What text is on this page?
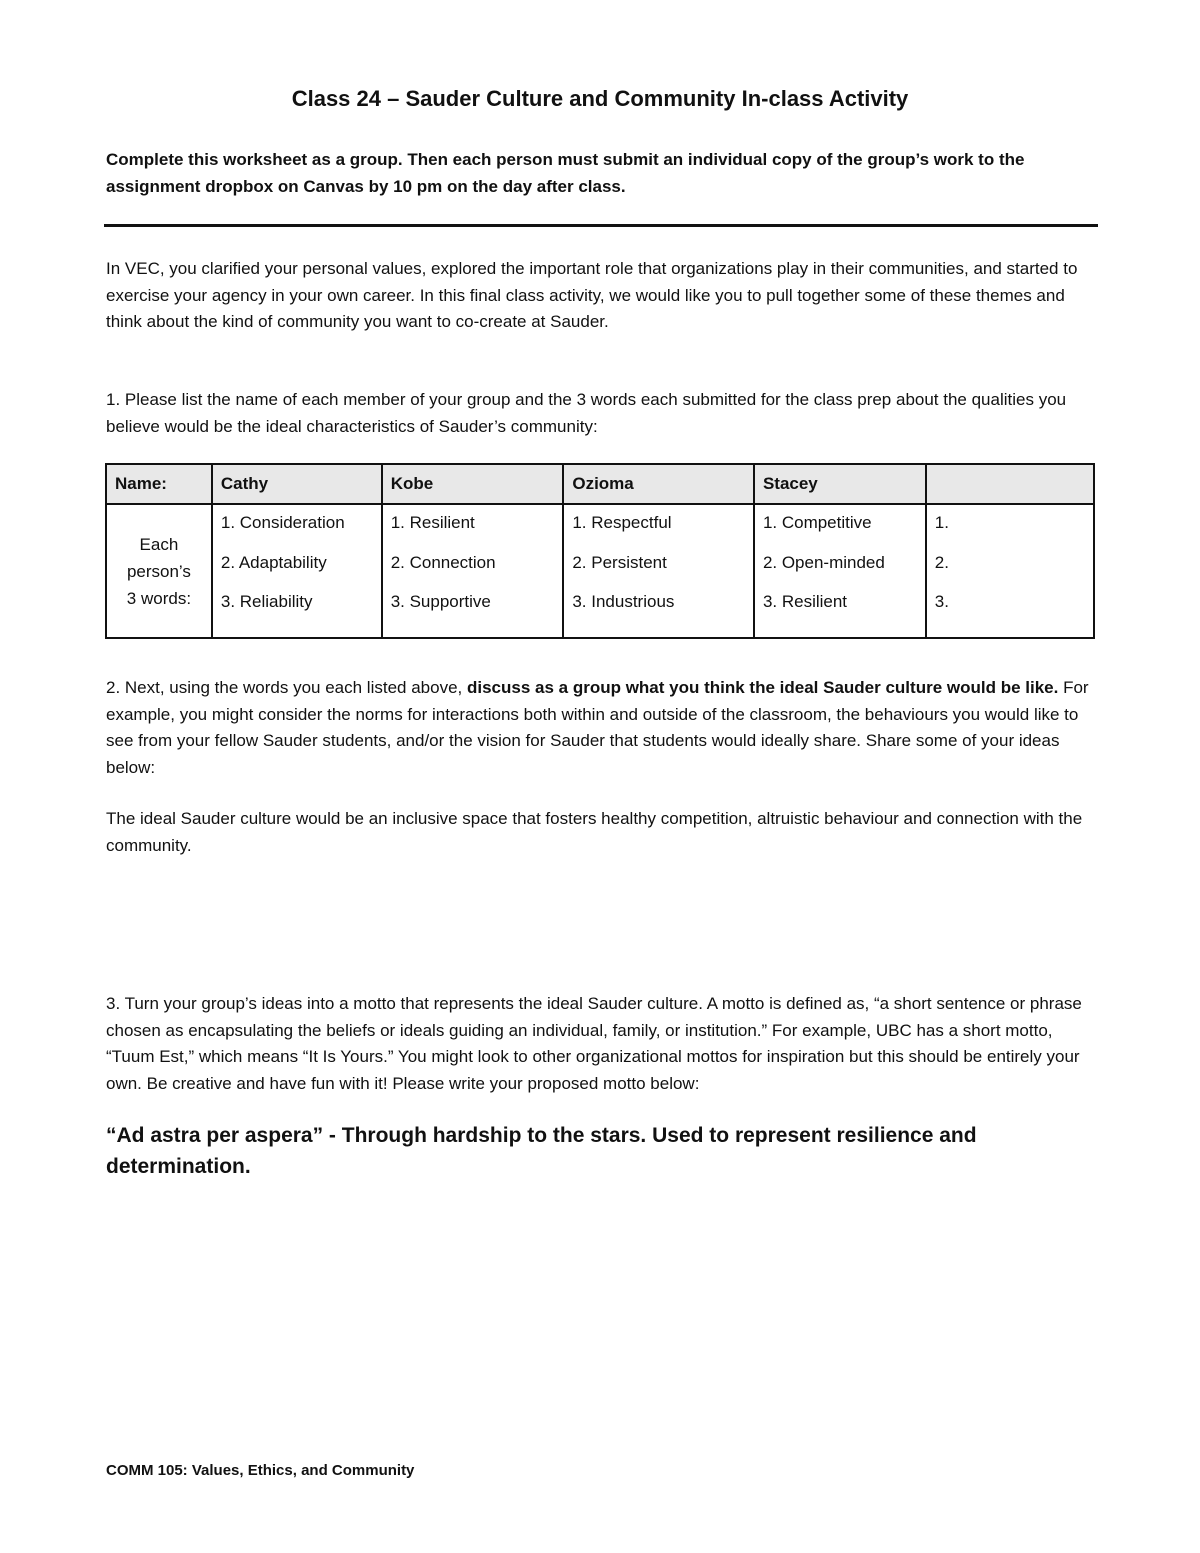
Class 24 – Sauder Culture and Community In-class Activity

Complete this worksheet as a group. Then each person must submit an individual copy of the group’s work to the assignment dropbox on Canvas by 10 pm on the day after class.

In VEC, you clarified your personal values, explored the important role that organizations play in their communities, and started to exercise your agency in your own career. In this final class activity, we would like you to pull together some of these themes and think about the kind of community you want to co-create at Sauder.

1. Please list the name of each member of your group and the 3 words each submitted for the class prep about the qualities you believe would be the ideal characteristics of Sauder’s community:

Name:	Cathy	Kobe	Ozioma	Stacey	
Each
person’s
3 words:	1. Consideration
2. Adaptability
3. Reliability	1. Resilient
2. Connection
3. Supportive	1. Respectful
2. Persistent
3. Industrious	1. Competitive
2. Open-minded
3. Resilient	1.
2.
3.

2. Next, using the words you each listed above, discuss as a group what you think the ideal Sauder culture would be like. For example, you might consider the norms for interactions both within and outside of the classroom, the behaviours you would like to see from your fellow Sauder students, and/or the vision for Sauder that students would ideally share. Share some of your ideas below:

The ideal Sauder culture would be an inclusive space that fosters healthy competition, altruistic behaviour and connection with the community.

3. Turn your group’s ideas into a motto that represents the ideal Sauder culture. A motto is defined as, “a short sentence or phrase chosen as encapsulating the beliefs or ideals guiding an individual, family, or institution.” For example, UBC has a short motto, “Tuum Est,” which means “It Is Yours.” You might look to other organizational mottos for inspiration but this should be entirely your own. Be creative and have fun with it! Please write your proposed motto below:

“Ad astra per aspera” - Through hardship to the stars. Used to represent resilience and determination.

COMM 105: Values, Ethics, and Community
